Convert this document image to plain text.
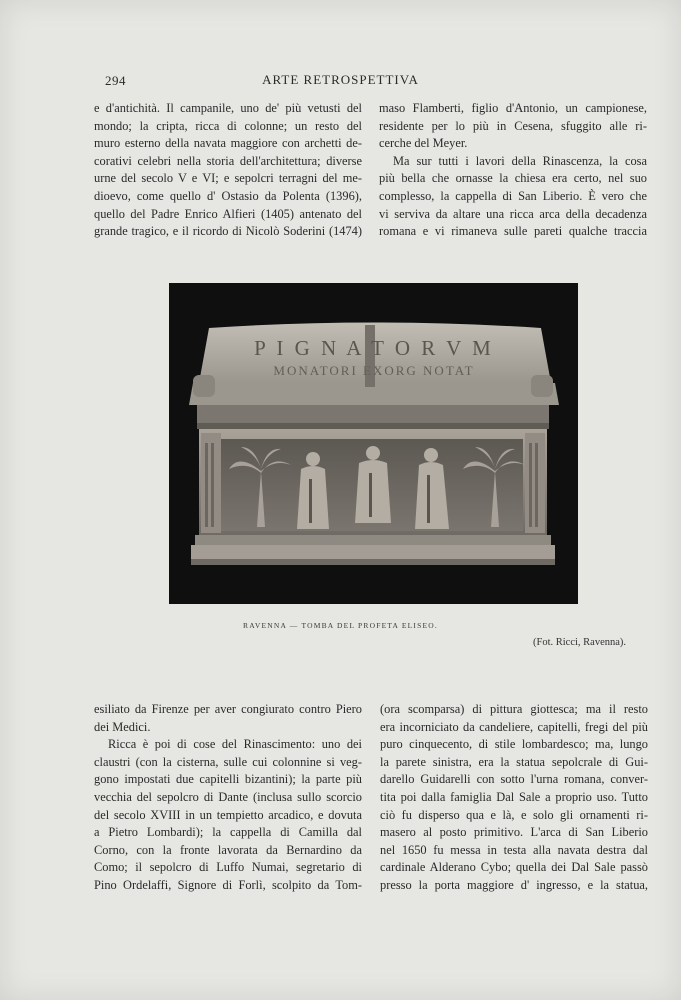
294	ARTE RETROSPETTIVA

e d'antichità. Il campanile, uno de' più vetusti del

mondo; la cripta, ricca di colonne; un resto del

muro esterno della navata maggiore con archetti de-

corativi celebri nella storia dell'architettura; diverse

urne del secolo V e VI; e sepolcri terragni del me-

dioevo, come quello d' Ostasio da Polenta (1396),

quello del Padre Enrico Alfieri (1405) antenato del

grande tragico, e il ricordo di Nicolò Soderini (1474)

maso Flamberti, figlio d'Antonio, un campionese,

residente per lo più in Cesena, sfuggito alle ri-

cerche del Meyer.

Ma sur tutti i lavori della Rinascenza, la cosa

più bella che ornasse la chiesa era certo, nel suo

complesso, la cappella di San Liberio. È vero che

vi serviva da altare una ricca arca della decadenza

romana e vi rimaneva sulle pareti qualche traccia

P I G N A T O R V M
MONATORI EXORG NOTAT
RAVENNA — TOMBA DEL PROFETA ELISEO.
(Fot. Ricci, Ravenna).

esiliato da Firenze per aver congiurato contro Piero

dei Medici.

Ricca è poi di cose del Rinascimento: uno dei

claustri (con la cisterna, sulle cui colonnine si veg-

gono impostati due capitelli bizantini); la parte più

vecchia del sepolcro di Dante (inclusa sullo scorcio

del secolo XVIII in un tempietto arcadico, e dovuta

a Pietro Lombardi); la cappella di Camilla dal

Corno, con la fronte lavorata da Bernardino da

Como; il sepolcro di Luffo Numai, segretario di

Pino Ordelaffi, Signore di Forlì, scolpito da Tom-

(ora scomparsa) di pittura giottesca; ma il resto

era incorniciato da candeliere, capitelli, fregi del più

puro cinquecento, di stile lombardesco; ma, lungo

la parete sinistra, era la statua sepolcrale di Gui-

darello Guidarelli con sotto l'urna romana, conver-

tita poi dalla famiglia Dal Sale a proprio uso. Tutto

ciò fu disperso qua e là, e solo gli ornamenti ri-

masero al posto primitivo. L'arca di San Liberio

nel 1650 fu messa in testa alla navata destra dal

cardinale Alderano Cybo; quella dei Dal Sale passò

presso la porta maggiore d' ingresso, e la statua,
